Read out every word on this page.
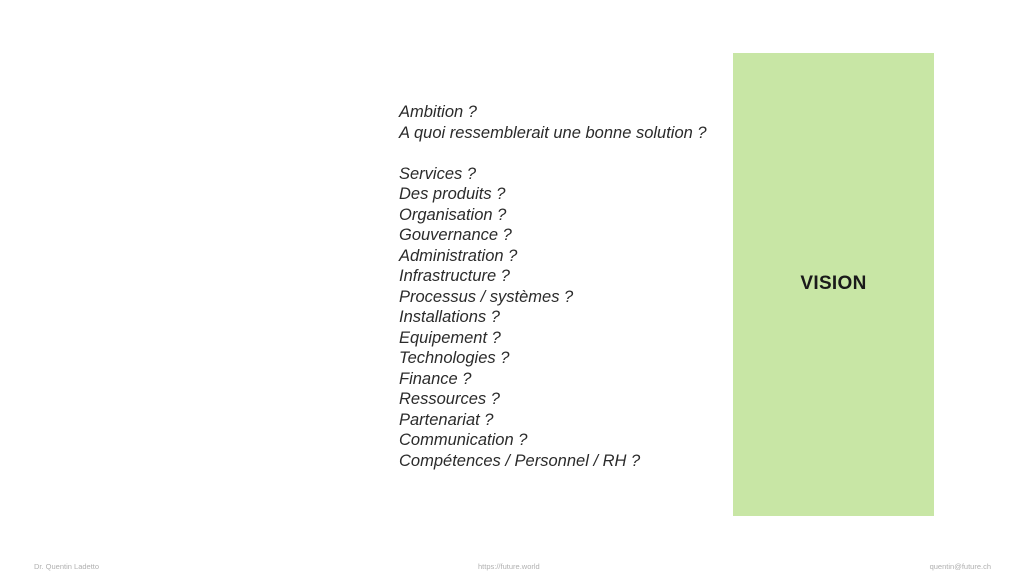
Ambition ?
A quoi ressemblerait une bonne solution ?
Services ?
Des produits ?
Organisation ?
Gouvernance ?
Administration ?
Infrastructure ?
Processus / systèmes ?
Installations ?
Equipement ?
Technologies ?
Finance ?
Ressources ?
Partenariat ?
Communication ?
Compétences / Personnel / RH ?
VISION
Dr. Quentin Ladetto	https://future.world	quentin@future.ch
